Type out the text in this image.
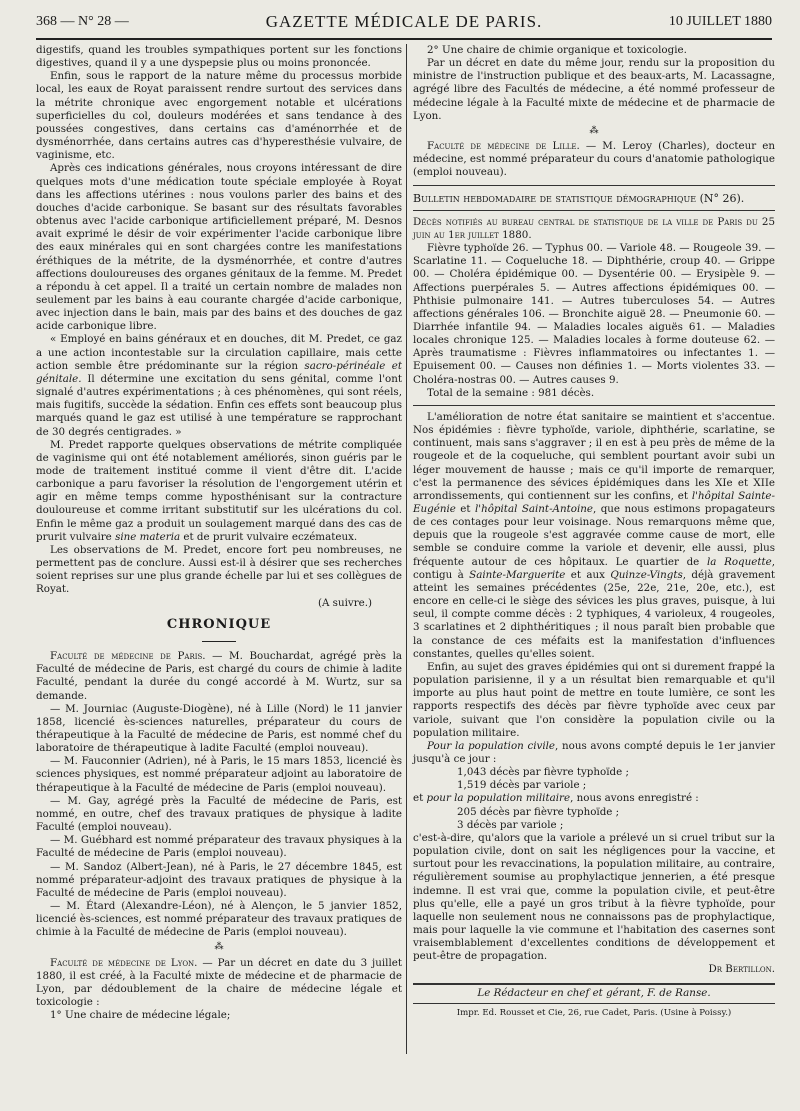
368 — N° 28 —	GAZETTE MÉDICALE DE PARIS.	10 JUILLET 1880

digestifs, quand les troubles sympathiques portent sur les fonctions digestives, quand il y a une dyspepsie plus ou moins prononcée.

Enfin, sous le rapport de la nature même du processus morbide local, les eaux de Royat paraissent rendre surtout des services dans la métrite chronique avec engorgement notable et ulcérations superficielles du col, douleurs modérées et sans tendance à des poussées congestives, dans certains cas d'aménorrhée et de dysménorrhée, dans certains autres cas d'hyperesthésie vulvaire, de vaginisme, etc.

Après ces indications générales, nous croyons intéressant de dire quelques mots d'une médication toute spéciale employée à Royat dans les affections utérines : nous voulons parler des bains et des douches d'acide carbonique. Se basant sur des résultats favorables obtenus avec l'acide carbonique artificiellement préparé, M. Desnos avait exprimé le désir de voir expérimenter l'acide carbonique libre des eaux minérales qui en sont chargées contre les manifestations éréthiques de la métrite, de la dysménorrhée, et contre d'autres affections douloureuses des organes génitaux de la femme. M. Predet a répondu à cet appel. Il a traité un certain nombre de malades non seulement par les bains à eau courante chargée d'acide carbonique, avec injection dans le bain, mais par des bains et des douches de gaz acide carbonique libre.

« Employé en bains généraux et en douches, dit M. Predet, ce gaz a une action incontestable sur la circulation capillaire, mais cette action semble être prédominante sur la région sacro-périnéale et génitale. Il détermine une excitation du sens génital, comme l'ont signalé d'autres expérimentations ; à ces phénomènes, qui sont réels, mais fugitifs, succède la sédation. Enfin ces effets sont beaucoup plus marqués quand le gaz est utilisé à une température se rapprochant de 30 degrés centigrades. »

M. Predet rapporte quelques observations de métrite compliquée de vaginisme qui ont été notablement améliorés, sinon guéris par le mode de traitement institué comme il vient d'être dit. L'acide carbonique a paru favoriser la résolution de l'engorgement utérin et agir en même temps comme hyposthénisant sur la contracture douloureuse et comme irritant substitutif sur les ulcérations du col. Enfin le même gaz a produit un soulagement marqué dans des cas de prurit vulvaire sine materia et de prurit vulvaire eczémateux.

Les observations de M. Predet, encore fort peu nombreuses, ne permettent pas de conclure. Aussi est-il à désirer que ses recherches soient reprises sur une plus grande échelle par lui et ses collègues de Royat.

(A suivre.)

CHRONIQUE

Faculté de médecine de Paris. — M. Bouchardat, agrégé près la Faculté de médecine de Paris, est chargé du cours de chimie à ladite Faculté, pendant la durée du congé accordé à M. Wurtz, sur sa demande.

— M. Journiac (Auguste-Diogène), né à Lille (Nord) le 11 janvier 1858, licencié ès-sciences naturelles, préparateur du cours de thérapeutique à la Faculté de médecine de Paris, est nommé chef du laboratoire de thérapeutique à ladite Faculté (emploi nouveau).

— M. Fauconnier (Adrien), né à Paris, le 15 mars 1853, licencié ès sciences physiques, est nommé préparateur adjoint au laboratoire de thérapeutique à la Faculté de médecine de Paris (emploi nouveau).

— M. Gay, agrégé près la Faculté de médecine de Paris, est nommé, en outre, chef des travaux pratiques de physique à ladite Faculté (emploi nouveau).

— M. Guébhard est nommé préparateur des travaux physiques à la Faculté de médecine de Paris (emploi nouveau).

— M. Sandoz (Albert-Jean), né à Paris, le 27 décembre 1845, est nommé préparateur-adjoint des travaux pratiques de physique à la Faculté de médecine de Paris (emploi nouveau).

— M. Étard (Alexandre-Léon), né à Alençon, le 5 janvier 1852, licencié ès-sciences, est nommé préparateur des travaux pratiques de chimie à la Faculté de médecine de Paris (emploi nouveau).

⁂

Faculté de médecine de Lyon. — Par un décret en date du 3 juillet 1880, il est créé, à la Faculté mixte de médecine et de pharmacie de Lyon, par dédoublement de la chaire de médecine légale et toxicologie :

1° Une chaire de médecine légale;

2° Une chaire de chimie organique et toxicologie.

Par un décret en date du même jour, rendu sur la proposition du ministre de l'instruction publique et des beaux-arts, M. Lacassagne, agrégé libre des Facultés de médecine, a été nommé professeur de médecine légale à la Faculté mixte de médecine et de pharmacie de Lyon.

⁂

Faculté de médecine de Lille. — M. Leroy (Charles), docteur en médecine, est nommé préparateur du cours d'anatomie pathologique (emploi nouveau).

Bulletin hebdomadaire de statistique démographique (N° 26).

Décès notifiés au bureau central de statistique de la ville de Paris du 25 juin au 1er juillet 1880.

Fièvre typhoïde 26. — Typhus 00. — Variole 48. — Rougeole 39. — Scarlatine 11. — Coqueluche 18. — Diphthérie, croup 40. — Grippe 00. — Choléra épidémique 00. — Dysentérie 00. — Erysipèle 9. — Affections puerpérales 5. — Autres affections épidémiques 00. — Phthisie pulmonaire 141. — Autres tuberculoses 54. — Autres affections générales 106. — Bronchite aiguë 28. — Pneumonie 60. — Diarrhée infantile 94. — Maladies locales aiguës 61. — Maladies locales chronique 125. — Maladies locales à forme douteuse 62. — Après traumatisme : Fièvres inflammatoires ou infectantes 1. — Epuisement 00. — Causes non définies 1. — Morts violentes 33. — Choléra-nostras 00. — Autres causes 9.

Total de la semaine : 981 décès.

L'amélioration de notre état sanitaire se maintient et s'accentue. Nos épidémies : fièvre typhoïde, variole, diphthérie, scarlatine, se continuent, mais sans s'aggraver ; il en est à peu près de même de la rougeole et de la coqueluche, qui semblent pourtant avoir subi un léger mouvement de hausse ; mais ce qu'il importe de remarquer, c'est la permanence des sévices épidémiques dans les XIe et XIIe arrondissements, qui contiennent sur les confins, et l'hôpital Sainte-Eugénie et l'hôpital Saint-Antoine, que nous estimons propagateurs de ces contages pour leur voisinage. Nous remarquons même que, depuis que la rougeole s'est aggravée comme cause de mort, elle semble se conduire comme la variole et devenir, elle aussi, plus fréquente autour de ces hôpitaux. Le quartier de la Roquette, contigu à Sainte-Marguerite et aux Quinze-Vingts, déjà gravement atteint les semaines précédentes (25e, 22e, 21e, 20e, etc.), est encore en celle-ci le siège des sévices les plus graves, puisque, à lui seul, il compte comme décès : 2 typhiques, 4 varioleux, 4 rougeoles, 3 scarlatines et 2 diphthéritiques ; il nous paraît bien probable que la constance de ces méfaits est la manifestation d'influences constantes, quelles qu'elles soient.

Enfin, au sujet des graves épidémies qui ont si durement frappé la population parisienne, il y a un résultat bien remarquable et qu'il importe au plus haut point de mettre en toute lumière, ce sont les rapports respectifs des décès par fièvre typhoïde avec ceux par variole, suivant que l'on considère la population civile ou la population militaire.

Pour la population civile, nous avons compté depuis le 1er janvier jusqu'à ce jour :

1,043 décès par fièvre typhoïde ;

1,519 décès par variole ;

et pour la population militaire, nous avons enregistré :

205 décès par fièvre typhoïde ;

3 décès par variole ;

c'est-à-dire, qu'alors que la variole a prélevé un si cruel tribut sur la population civile, dont on sait les négligences pour la vaccine, et surtout pour les revaccinations, la population militaire, au contraire, régulièrement soumise au prophylactique jennerien, a été presque indemne. Il est vrai que, comme la population civile, et peut-être plus qu'elle, elle a payé un gros tribut à la fièvre typhoïde, pour laquelle non seulement nous ne connaissons pas de prophylactique, mais pour laquelle la vie commune et l'habitation des casernes sont vraisemblablement d'excellentes conditions de développement et peut-être de propagation.

Dr Bertillon.

Le Rédacteur en chef et gérant, F. de Ranse.

Impr. Ed. Rousset et Cie, 26, rue Cadet, Paris. (Usine à Poissy.)
